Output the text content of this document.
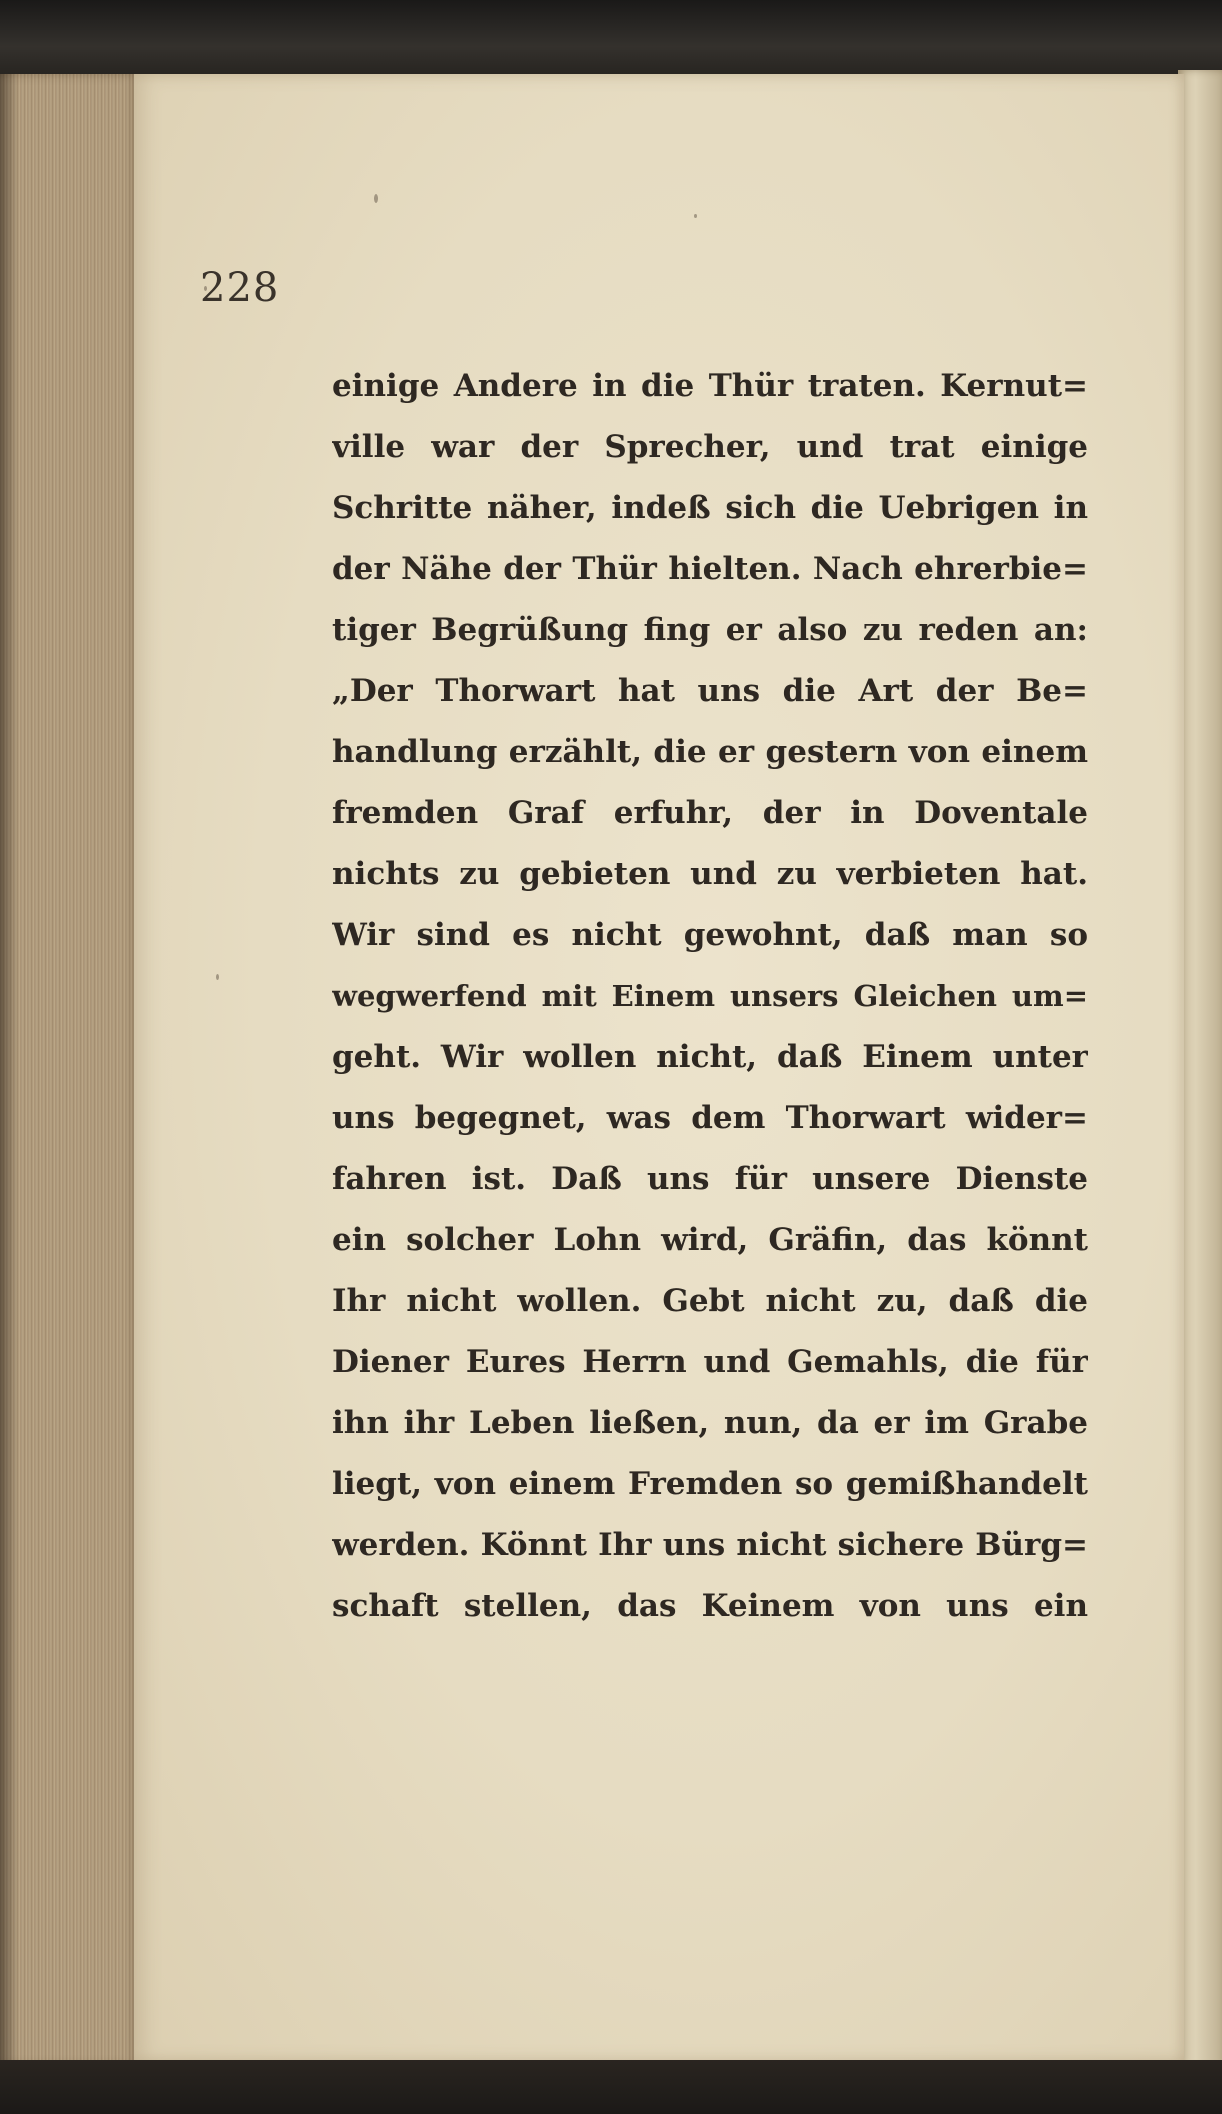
228
einige Andere in die Thür traten. Kernut=
ville war der Sprecher, und trat einige
Schritte näher, indeß sich die Uebrigen in
der Nähe der Thür hielten. Nach ehrerbie=
tiger Begrüßung fing er also zu reden an:
„Der Thorwart hat uns die Art der Be=
handlung erzählt, die er gestern von einem
fremden Graf erfuhr, der in Doventale
nichts zu gebieten und zu verbieten hat.
Wir sind es nicht gewohnt, daß man so
wegwerfend mit Einem unsers Gleichen um=
geht. Wir wollen nicht, daß Einem unter
uns begegnet, was dem Thorwart wider=
fahren ist. Daß uns für unsere Dienste
ein solcher Lohn wird, Gräfin, das könnt
Ihr nicht wollen. Gebt nicht zu, daß die
Diener Eures Herrn und Gemahls, die für
ihn ihr Leben ließen, nun, da er im Grabe
liegt, von einem Fremden so gemißhandelt
werden. Könnt Ihr uns nicht sichere Bürg=
schaft stellen, das Keinem von uns ein
